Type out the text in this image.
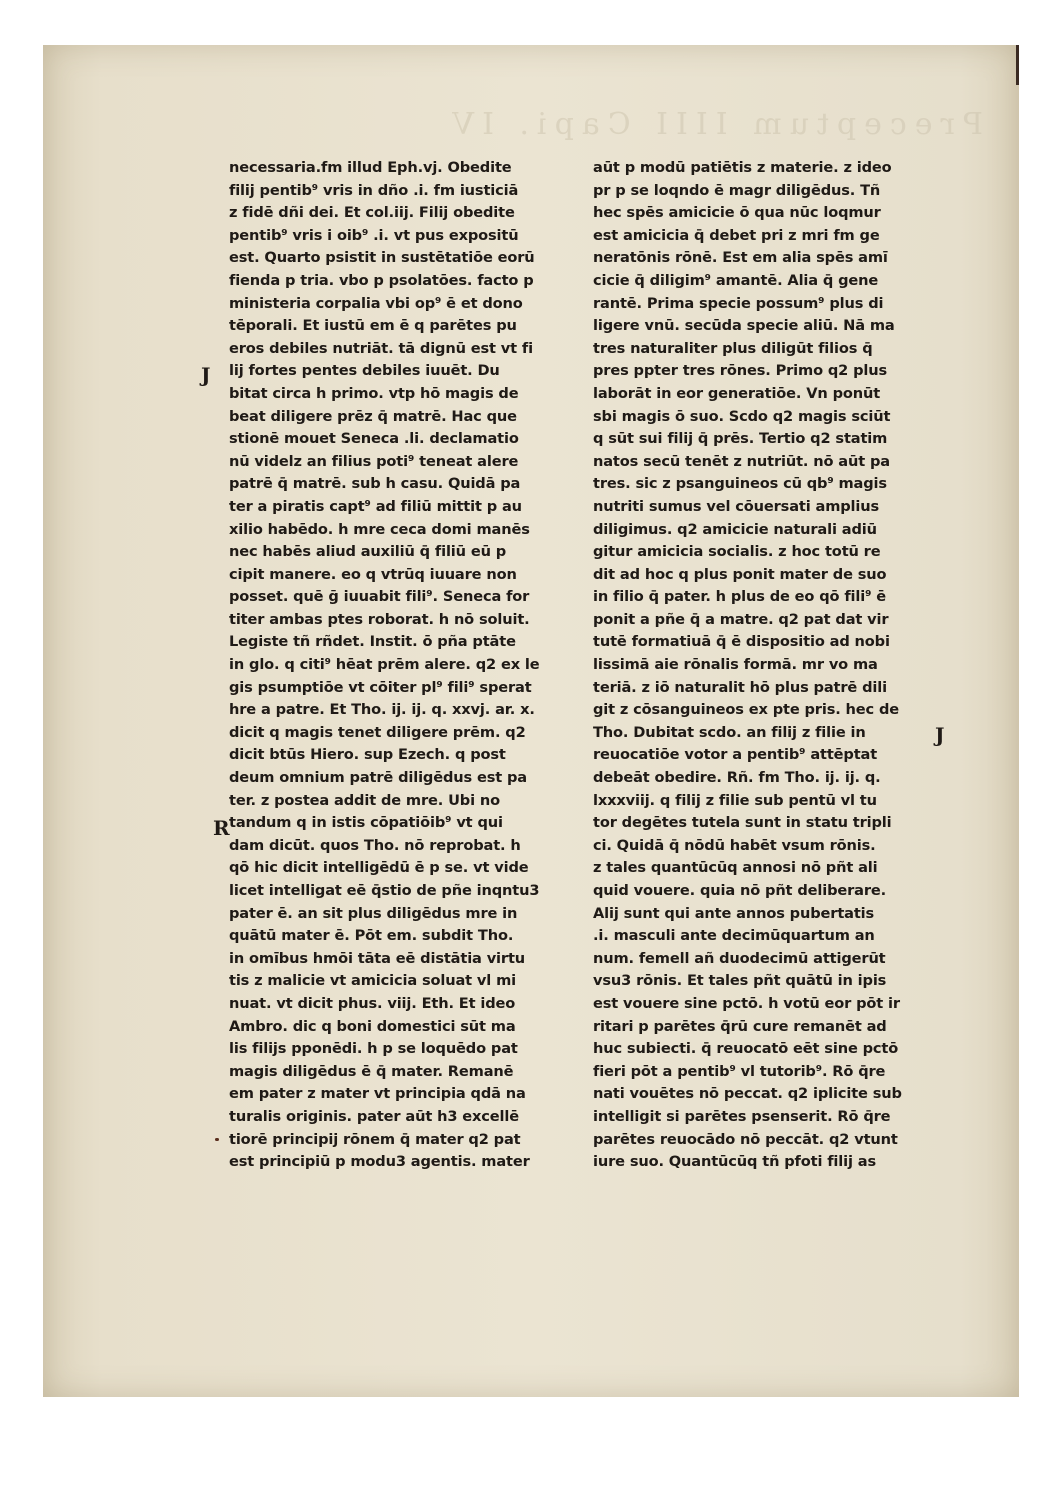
Preceptum IIII Capi. IV
J
R
J
necessaria.fm illud Eph.vj. Obedite
filij pentib⁹ vris in dño .i. fm iusticiā
z fidē dñi dei. Et col.iij. Filij obedite
pentib⁹ vris i oib⁹ .i. vt pus expositū
est. Quarto psistit in sustētatiōe eorū
fienda p tria. vbo p psolatōes. facto p
ministeria corpalia vbi op⁹ ē et dono
tēporali. Et iustū em ē q parētes pu
eros debiles nutriāt. tā dignū est vt fi
lij fortes pentes debiles iuuēt. Du
bitat circa h primo. vtp hō magis de
beat diligere prēz q̄ matrē. Hac que
stionē mouet Seneca .li. declamatio
nū videlz an filius poti⁹ teneat alere
patrē q̄ matrē. sub h casu. Quidā pa
ter a piratis capt⁹ ad filiū mittit p au
xilio habēdo. h mre ceca domi manēs
nec habēs aliud auxiliū q̄ filiū eū p
cipit manere. eo q vtrūq iuuare non
posset. quē ḡ iuuabit fili⁹. Seneca for
titer ambas ptes roborat. h nō soluit.
Legiste tñ rñdet. Instit. ō pña ptāte
in glo. q citi⁹ hēat prēm alere. q2 ex le
gis psumptiōe vt cōiter pl⁹ fili⁹ sperat
hre a patre. Et Tho. ij. ij. q. xxvj. ar. x.
dicit q magis tenet diligere prēm. q2
dicit btūs Hiero. sup Ezech. q post
deum omnium patrē diligēdus est pa
ter. z postea addit de mre. Ubi no
tandum q in istis cōpatiōib⁹ vt qui
dam dicūt. quos Tho. nō reprobat. h
qō hic dicit intelligēdū ē p se. vt vide
licet intelligat eē q̄stio de pñe inqntu3
pater ē. an sit plus diligēdus mre in
quātū mater ē. Pōt em. subdit Tho.
in omībus hmōi tāta eē distātia virtu
tis z malicie vt amicicia soluat vl mi
nuat. vt dicit phus. viij. Eth. Et ideo
Ambro. dic q boni domestici sūt ma
lis filijs pponēdi. h p se loquēdo pat
magis diligēdus ē q̄ mater. Remanē
em pater z mater vt principia qdā na
turalis originis. pater aūt h3 excellē
tiorē principij rōnem q̄ mater q2 pat
est principiū p modu3 agentis. mater
aūt p modū patiētis z materie. z ideo
pr p se loqndo ē magr diligēdus. Tñ
hec spēs amicicie ō qua nūc loqmur
est amicicia q̄ debet pri z mri fm ge
neratōnis rōnē. Est em alia spēs amī
cicie q̄ diligim⁹ amantē. Alia q̄ gene
rantē. Prima specie possum⁹ plus di
ligere vnū. secūda specie aliū. Nā ma
tres naturaliter plus diligūt filios q̄
pres ppter tres rōnes. Primo q2 plus
laborāt in eor generatiōe. Vn ponūt
sbi magis ō suo. Scdo q2 magis sciūt
q sūt sui filij q̄ prēs. Tertio q2 statim
natos secū tenēt z nutriūt. nō aūt pa
tres. sic z psanguineos cū qb⁹ magis
nutriti sumus vel cōuersati amplius
diligimus. q2 amicicie naturali adiū
gitur amicicia socialis. z hoc totū re
dit ad hoc q plus ponit mater de suo
in filio q̄ pater. h plus de eo qō fili⁹ ē
ponit a pñe q̄ a matre. q2 pat dat vir
tutē formatiuā q̄ ē dispositio ad nobi
lissimā aie rōnalis formā. mr vo ma
teriā. z iō naturalit hō plus patrē dili
git z cōsanguineos ex pte pris. hec de
Tho. Dubitat scdo. an filij z filie in
reuocatiōe votor a pentib⁹ attēptat
debeāt obedire. Rñ. fm Tho. ij. ij. q.
lxxxviij. q filij z filie sub pentū vl tu
tor degētes tutela sunt in statu tripli
ci. Quidā q̄ nōdū habēt vsum rōnis.
z tales quantūcūq annosi nō pñt ali
quid vouere. quia nō pñt deliberare.
Alij sunt qui ante annos pubertatis
.i. masculi ante decimūquartum an
num. femell añ duodecimū attigerūt
vsu3 rōnis. Et tales pñt quātū in ipis
est vouere sine pctō. h votū eor pōt ir
ritari p parētes q̄rū cure remanēt ad
huc subiecti. q̄ reuocatō eēt sine pctō
fieri pōt a pentib⁹ vl tutorib⁹. Rō q̄re
nati vouētes nō peccat. q2 iplicite sub
intelligit si parētes psenserit. Rō q̄re
parētes reuocādo nō peccāt. q2 vtunt
iure suo. Quantūcūq tñ pfoti filij as
